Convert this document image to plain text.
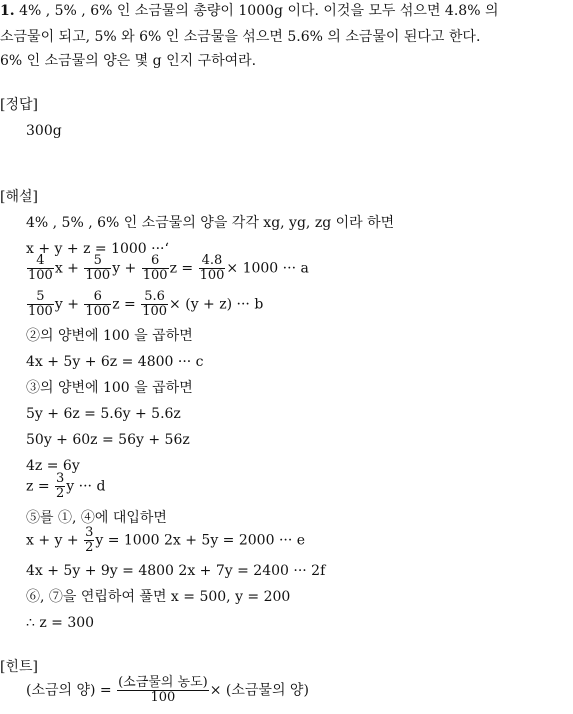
1. 4% , 5% , 6% 인 소금물의 총량이 1000g 이다. 이것을 모두 섞으면 4.8% 의
소금물이 되고, 5% 와 6% 인 소금물을 섞으면 5.6% 의 소금물이 된다고 한다.
6% 인 소금물의 양은 몇 g 인지 구하여라.
[정답]
300g
[해설]
4% , 5% , 6% 인 소금물의 양을 각각 xg, yg, zg 이라 하면
x + y + z = 1000 ···‘
$\frac{4}{100}$ $x + \frac{5}{100}$ $y + \frac{6}{100}$ $z = \frac{4.8}{100} \times 1000$ ··· a
$\frac{5}{100}$ $y + \frac{6}{100}$ $z = \frac{5.6}{100} \times (y + z)$ ··· b
②의 양변에 100 을 곱하면
4x + 5y + 6z = 4800 ··· c
③의 양변에 100 을 곱하면
5y + 6z = 5.6y + 5.6z
50y + 60z = 56y + 56z
4z = 6y
$z = \frac{3}{2}$ y ··· d
⑤를 ①, ④에 대입하면
$x + y + \frac{3}{2}$ y = 1000 2x + 5y = 2000 ··· e
4x + 5y + 9y = 4800 2x + 7y = 2400 ··· 2f
⑥, ⑦을 연립하여 풀면 x = 500, y = 200
∴ z = 300
[힌트]
(소금의 양) = $\frac{\text{(소금물의 농도)}}{100}$ × (소금물의 양)
